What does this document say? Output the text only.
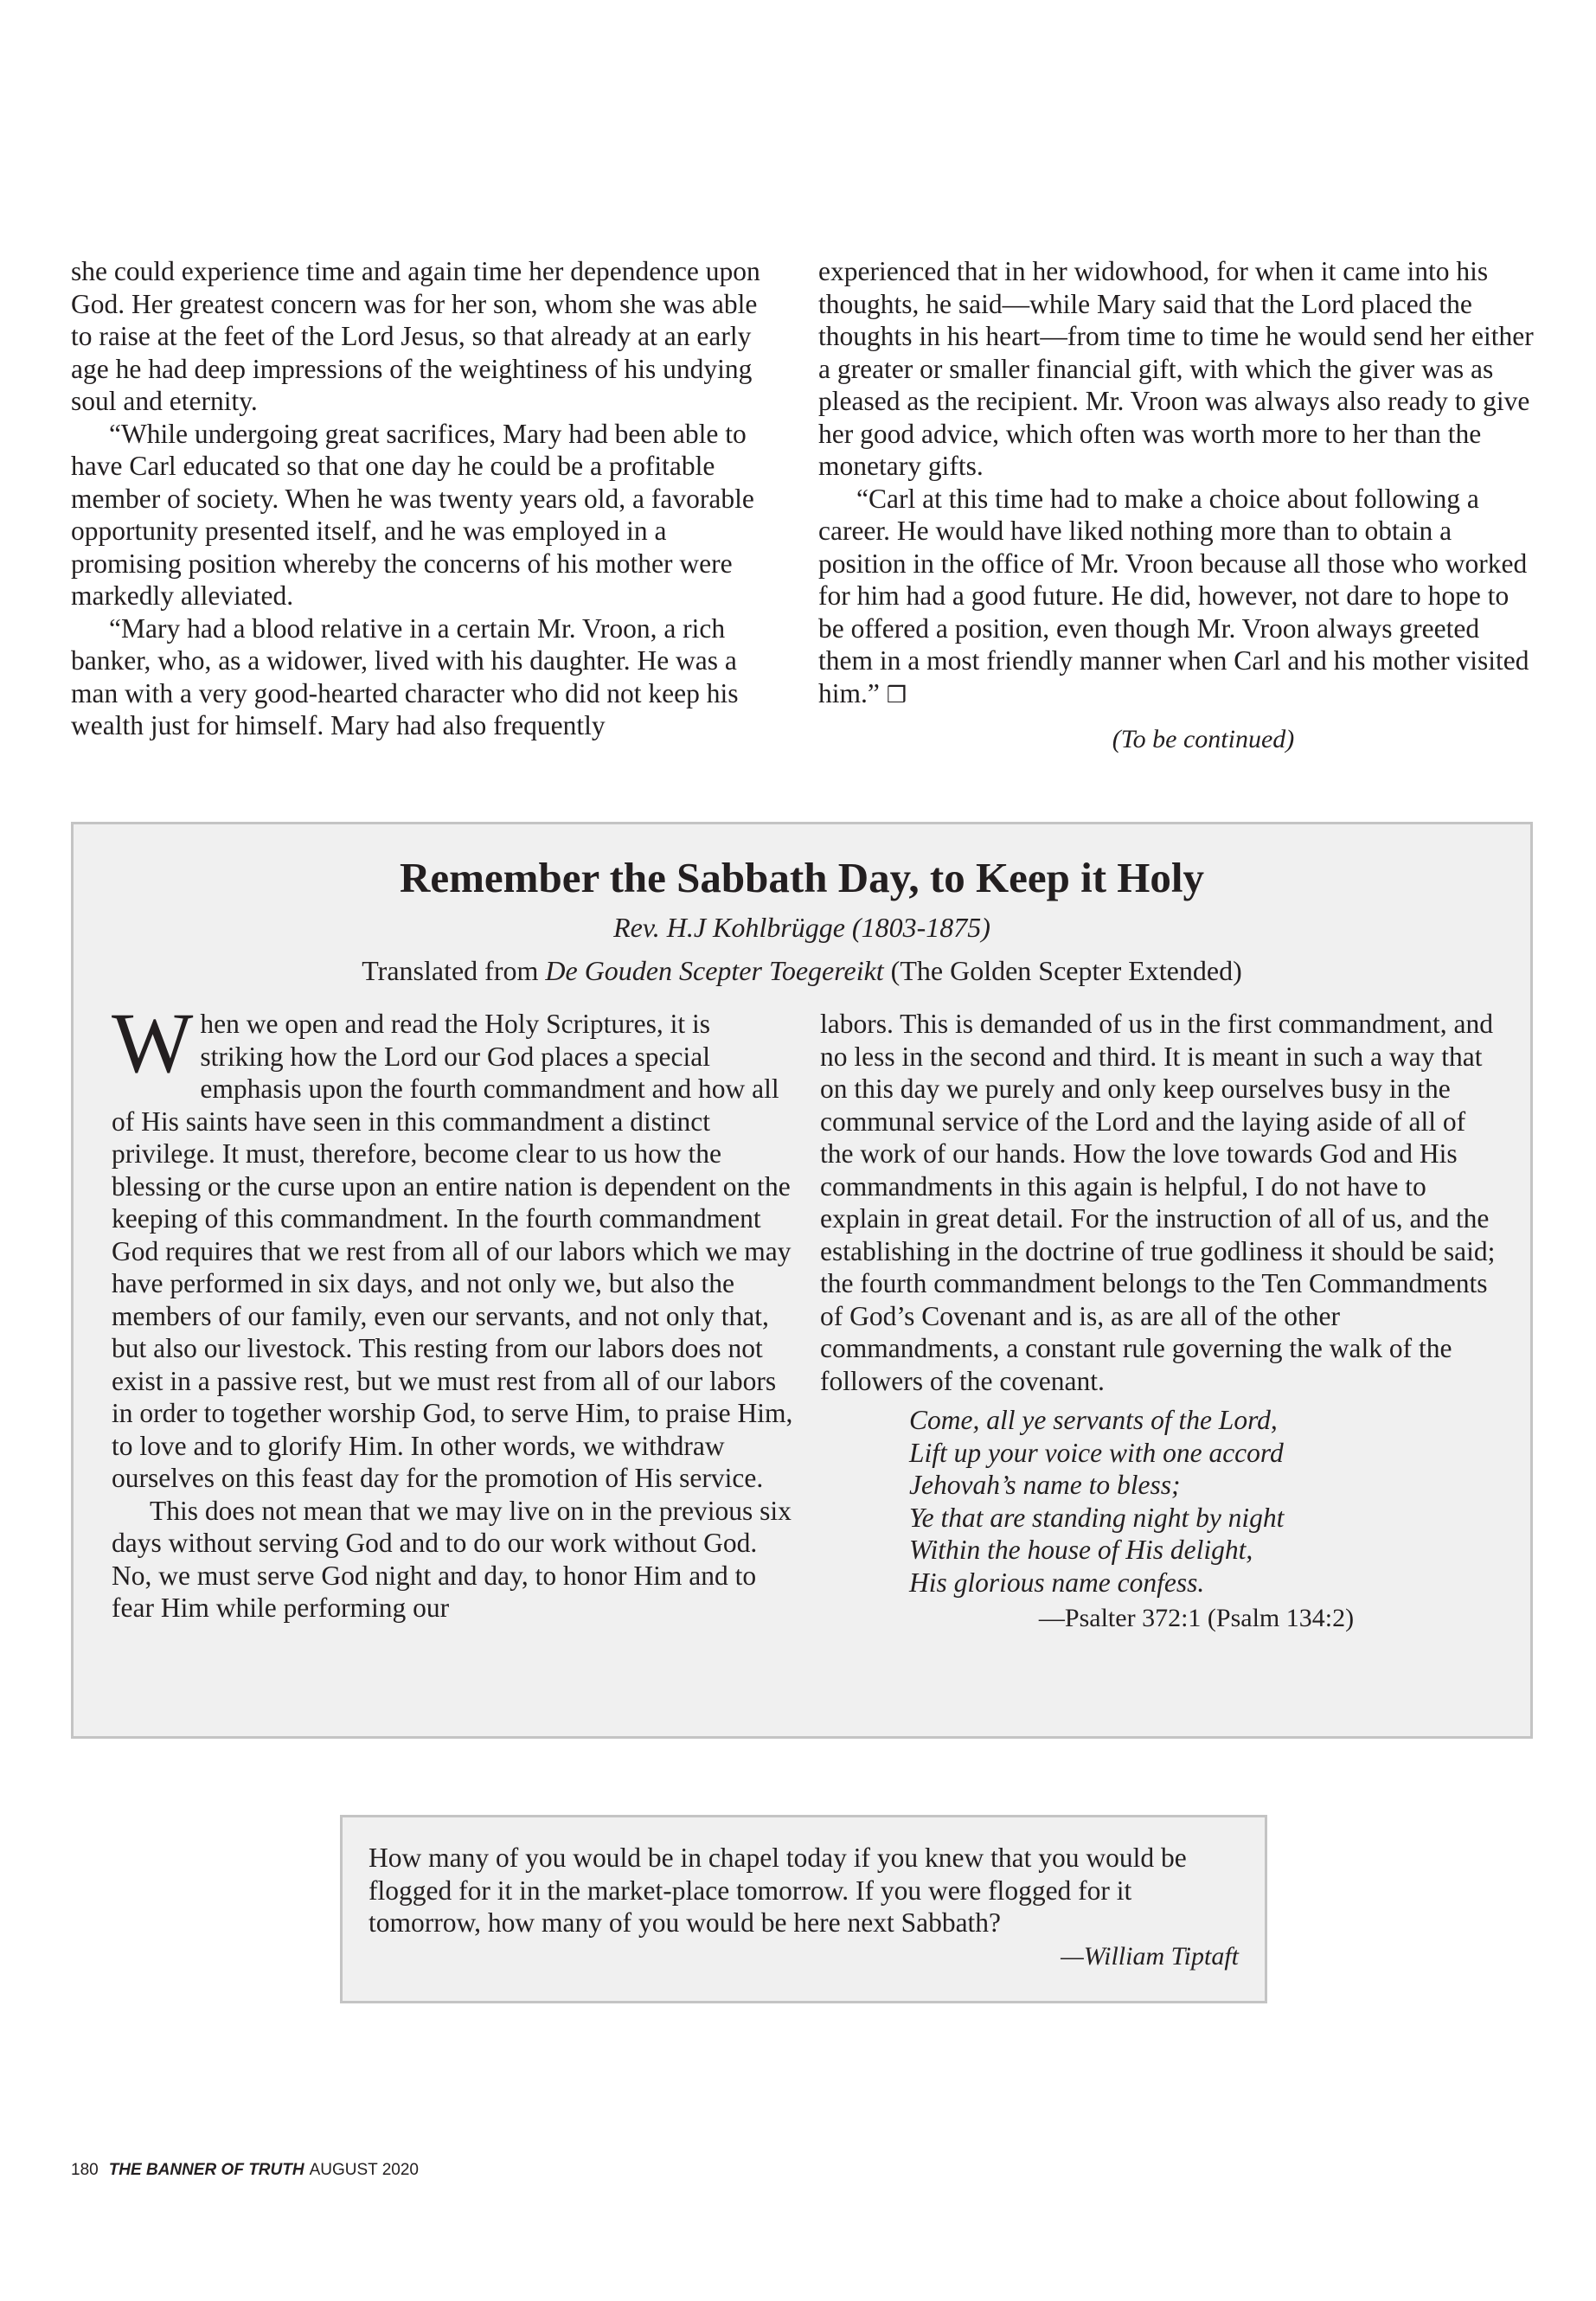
she could experience time and again time her dependence upon God. Her greatest concern was for her son, whom she was able to raise at the feet of the Lord Jesus, so that already at an early age he had deep impressions of the weightiness of his undying soul and eternity.

“While undergoing great sacrifices, Mary had been able to have Carl educated so that one day he could be a profitable member of society. When he was twenty years old, a favorable opportunity presented itself, and he was employed in a promising position whereby the concerns of his mother were markedly alleviated.

“Mary had a blood relative in a certain Mr. Vroon, a rich banker, who, as a widower, lived with his daughter. He was a man with a very good-hearted character who did not keep his wealth just for himself. Mary had also frequently

experienced that in her widowhood, for when it came into his thoughts, he said—while Mary said that the Lord placed the thoughts in his heart—from time to time he would send her either a greater or smaller financial gift, with which the giver was as pleased as the recipient. Mr. Vroon was always also ready to give her good advice, which often was worth more to her than the monetary gifts.

“Carl at this time had to make a choice about following a career. He would have liked nothing more than to obtain a position in the office of Mr. Vroon because all those who worked for him had a good future. He did, however, not dare to hope to be offered a position, even though Mr. Vroon always greeted them in a most friendly manner when Carl and his mother visited him.” ❒

(To be continued)
Remember the Sabbath Day, to Keep it Holy
Rev. H.J Kohlbrügge (1803-1875)
Translated from De Gouden Scepter Toegereikt (The Golden Scepter Extended)

When we open and read the Holy Scriptures, it is striking how the Lord our God places a special emphasis upon the fourth commandment and how all of His saints have seen in this commandment a distinct privilege. It must, therefore, become clear to us how the blessing or the curse upon an entire nation is dependent on the keeping of this commandment. In the fourth commandment God requires that we rest from all of our labors which we may have performed in six days, and not only we, but also the members of our family, even our servants, and not only that, but also our livestock. This resting from our labors does not exist in a passive rest, but we must rest from all of our labors in order to together worship God, to serve Him, to praise Him, to love and to glorify Him. In other words, we withdraw ourselves on this feast day for the promotion of His service.

This does not mean that we may live on in the previous six days without serving God and to do our work without God. No, we must serve God night and day, to honor Him and to fear Him while performing our

labors. This is demanded of us in the first commandment, and no less in the second and third. It is meant in such a way that on this day we purely and only keep ourselves busy in the communal service of the Lord and the laying aside of all of the work of our hands. How the love towards God and His commandments in this again is helpful, I do not have to explain in great detail. For the instruction of all of us, and the establishing in the doctrine of true godliness it should be said; the fourth commandment belongs to the Ten Commandments of God’s Covenant and is, as are all of the other commandments, a constant rule governing the walk of the followers of the covenant.

Come, all ye servants of the Lord,
Lift up your voice with one accord
Jehovah’s name to bless;
Ye that are standing night by night
Within the house of His delight,
His glorious name confess.
—Psalter 372:1 (Psalm 134:2)

How many of you would be in chapel today if you knew that you would be flogged for it in the market-place tomorrow. If you were flogged for it tomorrow, how many of you would be here next Sabbath?

—William Tiptaft
180 THE BANNER OF TRUTH AUGUST 2020
